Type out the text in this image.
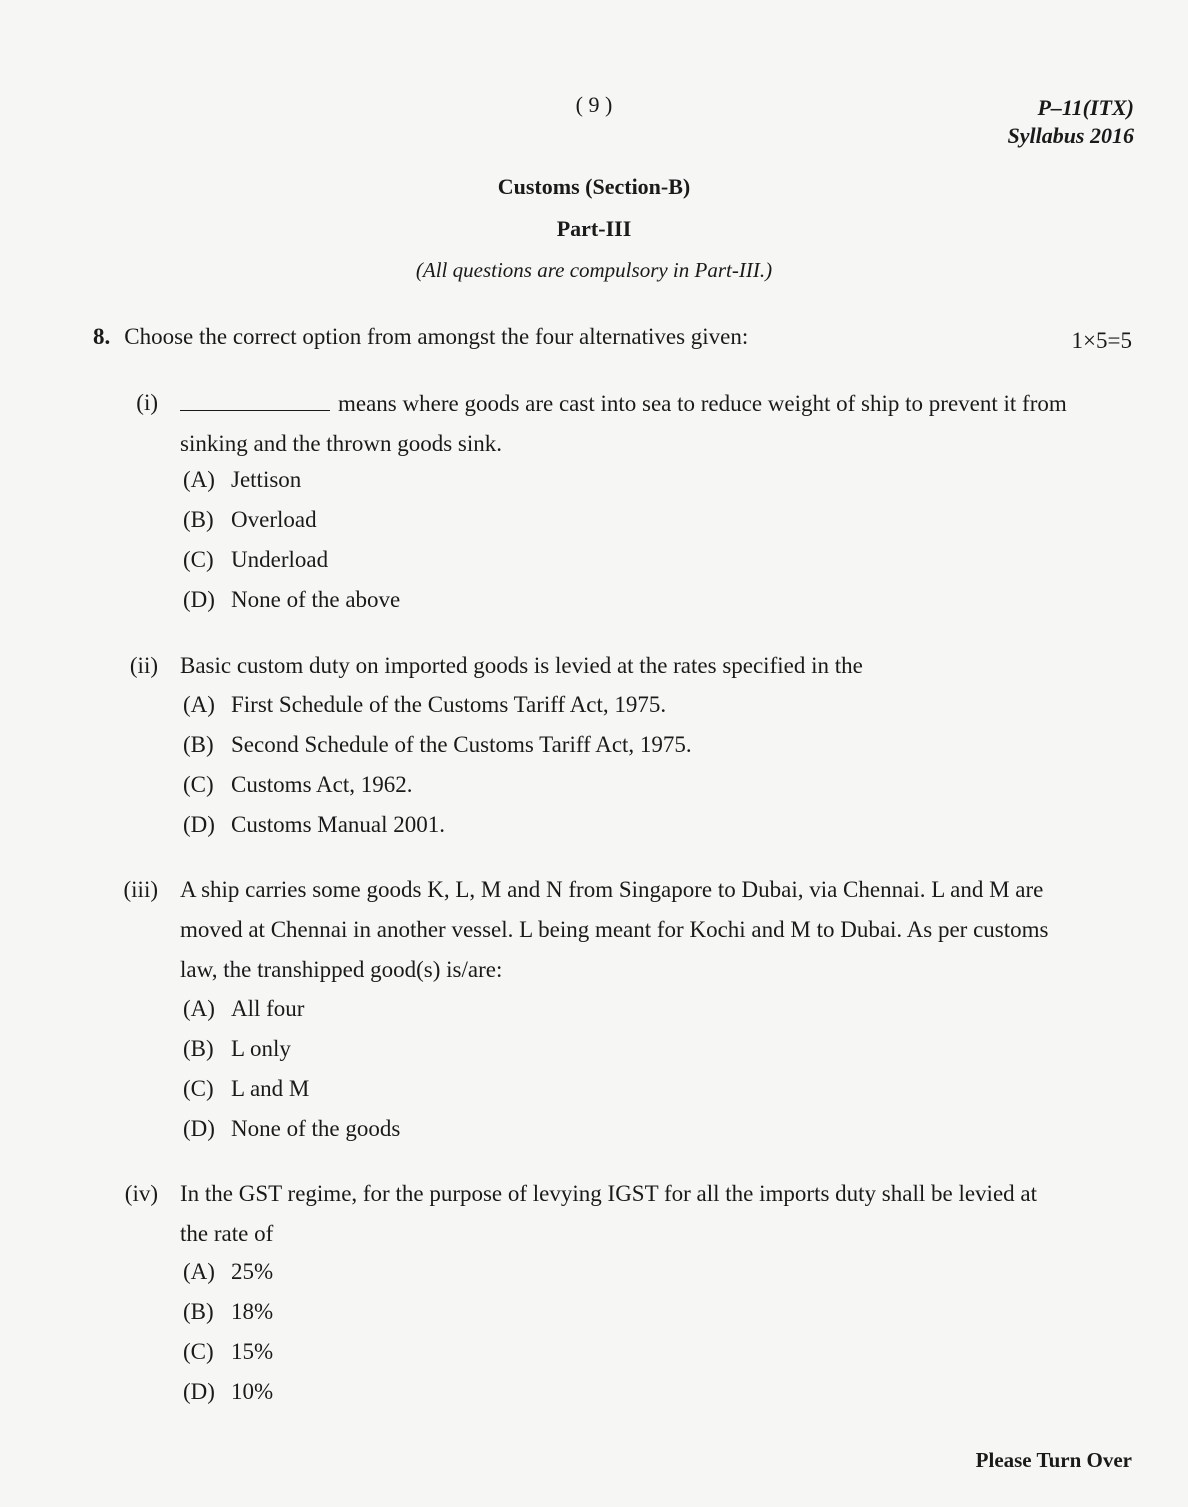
( 9 )	P–11(ITX)
Syllabus 2016
Customs (Section-B)
Part-III
(All questions are compulsory in Part-III.)
8. Choose the correct option from amongst the four alternatives given:	1×5=5
(i)	means where goods are cast into sea to reduce weight of ship to prevent it from
sinking and the thrown goods sink.
(A) Jettison
(B) Overload
(C) Underload
(D) None of the above
(ii) Basic custom duty on imported goods is levied at the rates specified in the
(A) First Schedule of the Customs Tariff Act, 1975.
(B) Second Schedule of the Customs Tariff Act, 1975.
(C) Customs Act, 1962.
(D) Customs Manual 2001.
(iii) A ship carries some goods K, L, M and N from Singapore to Dubai, via Chennai. L and M are
moved at Chennai in another vessel. L being meant for Kochi and M to Dubai. As per customs
law, the transhipped good(s) is/are:
(A) All four
(B) L only
(C) L and M
(D) None of the goods
(iv) In the GST regime, for the purpose of levying IGST for all the imports duty shall be levied at
the rate of
(A) 25%
(B) 18%
(C) 15%
(D) 10%
Please Turn Over
